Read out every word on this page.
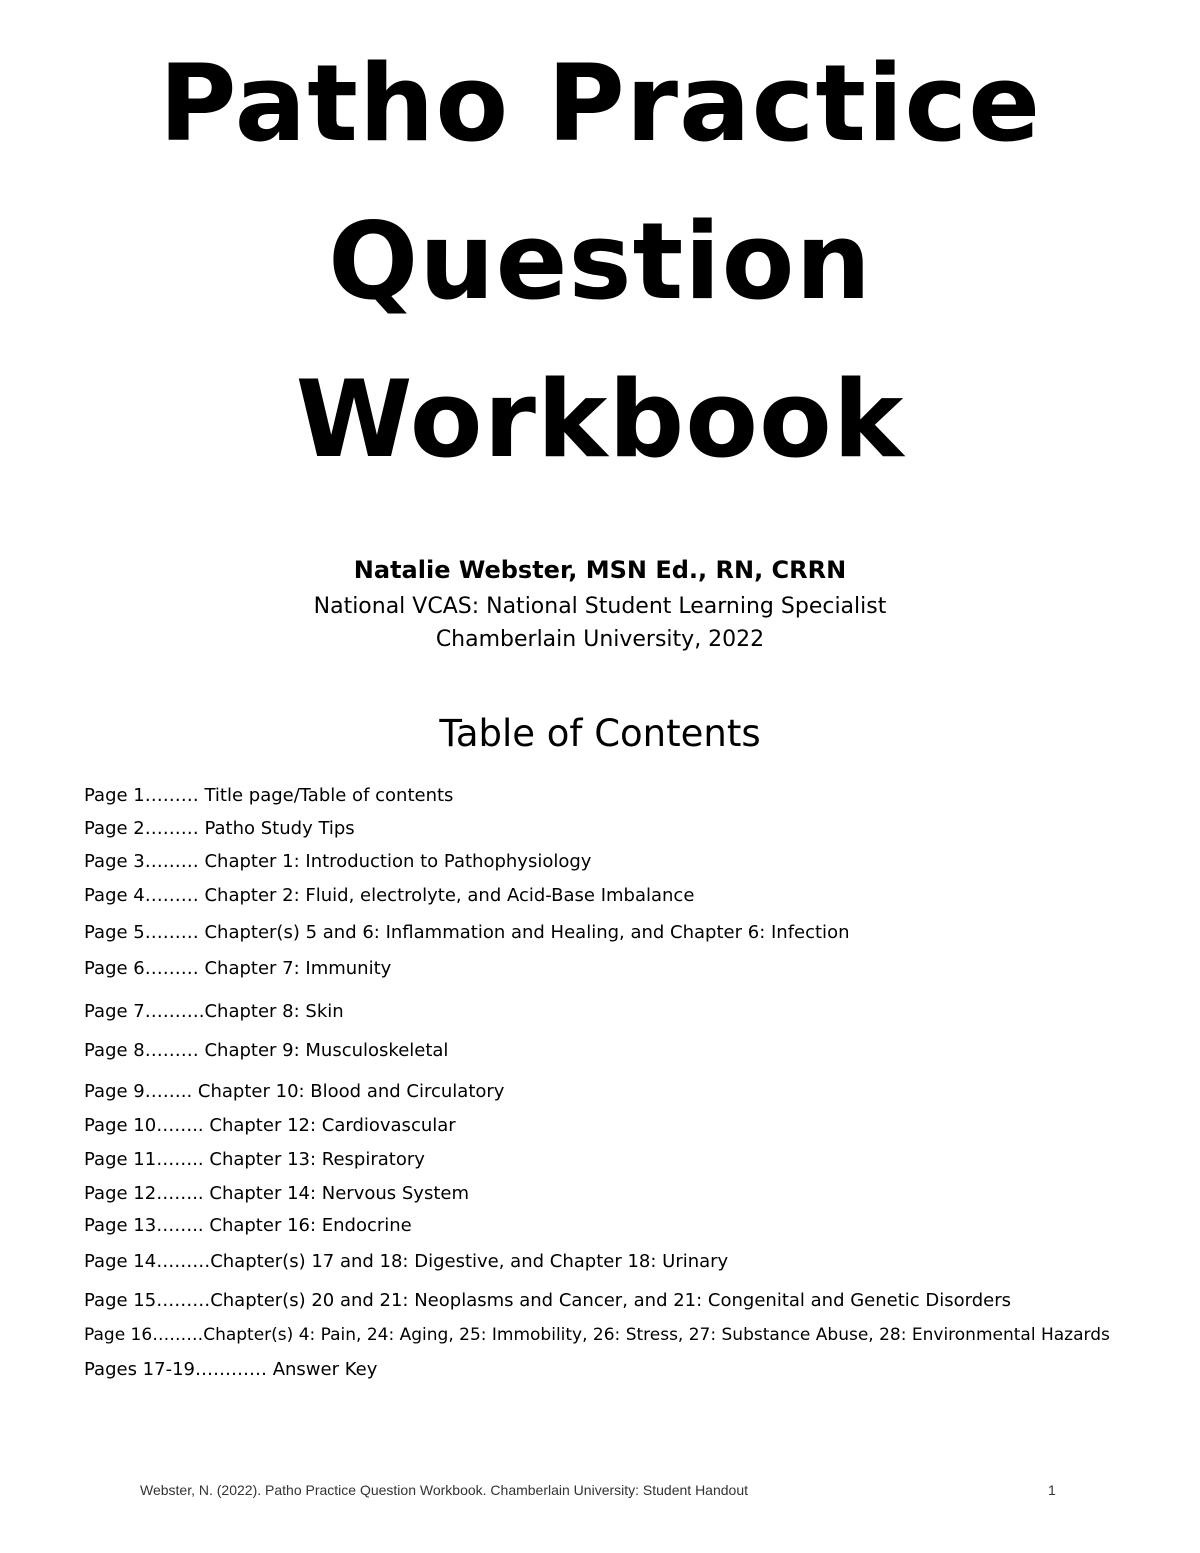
Patho Practice
Question
Workbook
Natalie Webster, MSN Ed., RN, CRRN
National VCAS: National Student Learning Specialist
Chamberlain University, 2022
Table of Contents
Page 1……… Title page/Table of contents
Page 2……… Patho Study Tips
Page 3……… Chapter 1: Introduction to Pathophysiology
Page 4……… Chapter 2: Fluid, electrolyte, and Acid-Base Imbalance
Page 5……… Chapter(s) 5 and 6: Inflammation and Healing, and Chapter 6: Infection
Page 6……… Chapter 7: Immunity
Page 7……….Chapter 8: Skin
Page 8……… Chapter 9: Musculoskeletal
Page 9…….. Chapter 10: Blood and Circulatory
Page 10…….. Chapter 12: Cardiovascular
Page 11…….. Chapter 13: Respiratory
Page 12…….. Chapter 14: Nervous System
Page 13…….. Chapter 16: Endocrine
Page 14………Chapter(s) 17 and 18: Digestive, and Chapter 18: Urinary
Page 15………Chapter(s) 20 and 21: Neoplasms and Cancer, and 21: Congenital and Genetic Disorders
Page 16………Chapter(s) 4: Pain, 24: Aging, 25: Immobility, 26: Stress, 27: Substance Abuse, 28: Environmental Hazards
Pages 17-19………… Answer Key
Webster, N. (2022). Patho Practice Question Workbook. Chamberlain University: Student Handout	1
